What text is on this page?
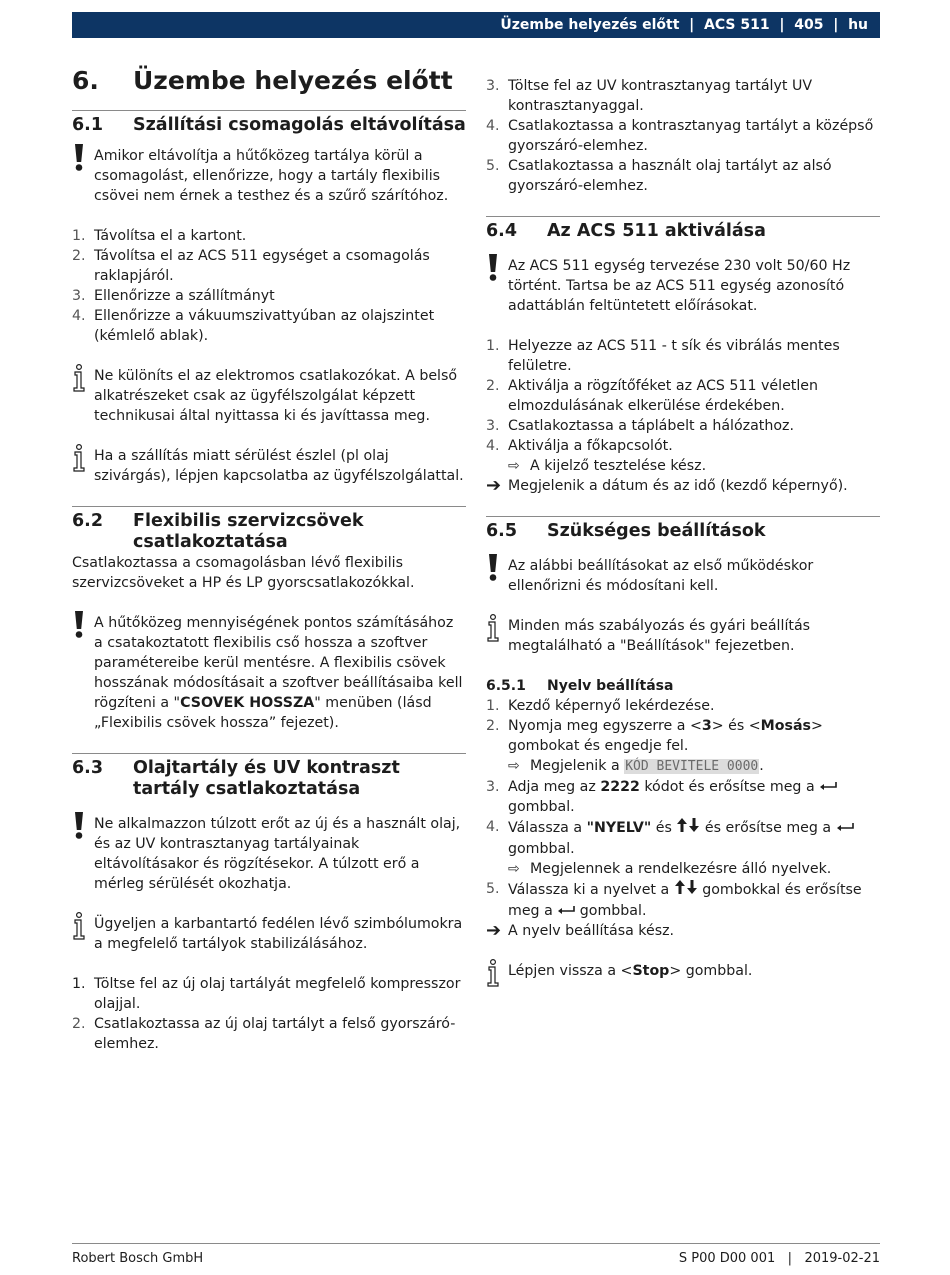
Üzembe helyezés előtt | ACS 511 | 405 | hu
6.	Üzembe helyezés előtt
6.1	Szállítási csomagolás eltávolítása
Amikor eltávolítja a hűtőközeg tartálya körül a csomagolást, ellenőrizze, hogy a tartály flexibilis csövei nem érnek a testhez és a szűrő szárítóhoz.
1. Távolítsa el a kartont.
2. Távolítsa el az ACS 511 egységet a csomagolás raklapjáról.
3. Ellenőrizze a szállítmányt
4. Ellenőrizze a vákuumszivattyúban az olajszintet (kémlelő ablak).
Ne különíts el az elektromos csatlakozókat. A belső alkatrészeket csak az ügyfélszolgálat képzett technikusai által nyittassa ki és javíttassa meg.
Ha a szállítás miatt sérülést észlel (pl olaj szivárgás), lépjen kapcsolatba az ügyfélszolgálattal.
6.2	Flexibilis szervizcsövek csatlakoztatása

Csatlakoztassa a csomagolásban lévő flexibilis szervizcsöveket a HP és LP gyorscsatlakozókkal.

A hűtőközeg mennyiségének pontos számításához a csatakoztatott flexibilis cső hossza a szoftver paramétereibe kerül mentésre. A flexibilis csövek hosszának módosításait a szoftver beállításaiba kell rögzíteni a "CSOVEK HOSSZA" menüben (lásd „Flexibilis csövek hossza” fejezet).
6.3	Olajtartály és UV kontraszt tartály csatlakoztatása
Ne alkalmazzon túlzott erőt az új és a használt olaj, és az UV kontrasztanyag tartályainak eltávolításakor és rögzítésekor. A túlzott erő a mérleg sérülését okozhatja.
Ügyeljen a karbantartó fedélen lévő szimbólumokra a megfelelő tartályok stabilizálásához.
1. Töltse fel az új olaj tartályát megfelelő kompresszor olajjal.
2. Csatlakoztassa az új olaj tartályt a felső gyorszáró-elemhez.
3. Töltse fel az UV kontrasztanyag tartályt UV kontrasztanyaggal.
4. Csatlakoztassa a kontrasztanyag tartályt a középső gyorszáró-elemhez.
5. Csatlakoztassa a használt olaj tartályt az alsó gyorszáró-elemhez.
6.4	Az ACS 511 aktiválása
Az ACS 511 egység tervezése 230 volt 50/60 Hz történt. Tartsa be az ACS 511 egység azonosító adattáblán feltüntetett előírásokat.
1. Helyezze az ACS 511 - t sík és vibrálás mentes felületre.
2. Aktiválja a rögzítőféket az ACS 511 véletlen elmozdulásának elkerülése érdekében.
3. Csatlakoztassa a táplábelt a hálózathoz.
4. Aktiválja a főkapcsolót.
⇨ A kijelző tesztelése kész.
➔ Megjelenik a dátum és az idő (kezdő képernyő).
6.5	Szükséges beállítások
Az alábbi beállításokat az első működéskor ellenőrizni és módosítani kell.
Minden más szabályozás és gyári beállítás megtalálható a "Beállítások" fejezetben.
6.5.1	Nyelv beállítása
1. Kezdő képernyő lekérdezése.
2. Nyomja meg egyszerre a <3> és <Mosás> gombokat és engedje fel.
⇨ Megjelenik a KÓD BEVITELE 0000.
3. Adja meg az 2222 kódot és erősítse meg a  gombbal.
4. Válassza a "NYELV" és  és erősítse meg a  gombbal.
⇨ Megjelennek a rendelkezésre álló nyelvek.
5. Válassza ki a nyelvet a  gombokkal és erősítse meg a  gombbal.
➔ A nyelv beállítása kész.
Lépjen vissza a <Stop> gombbal.
Robert Bosch GmbH	S P00 D00 001   |   2019-02-21
